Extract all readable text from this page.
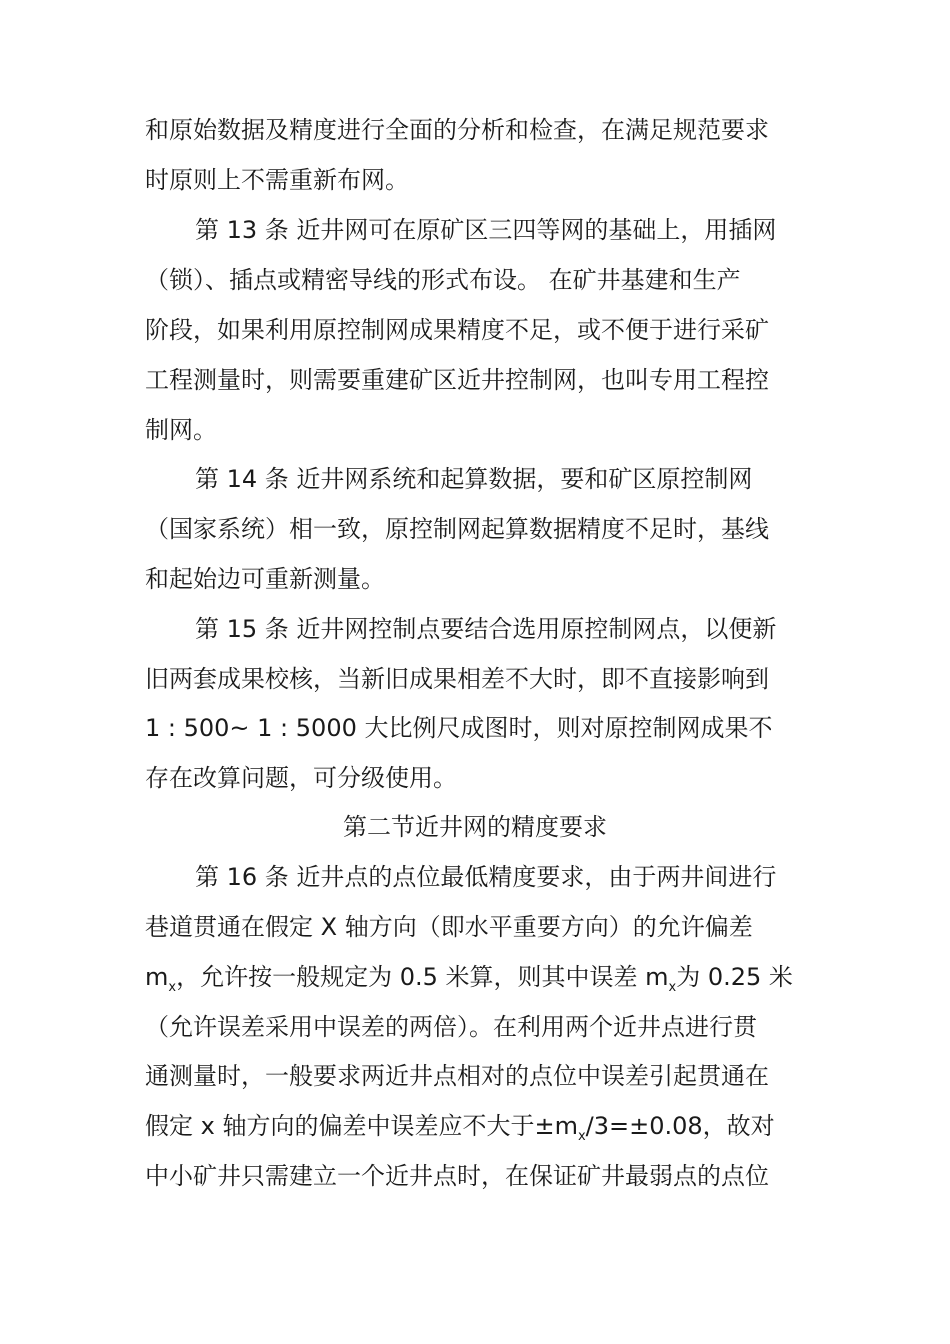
和原始数据及精度进行全面的分析和检查，在满足规范要求
时原则上不需重新布网。
第 13 条 近井网可在原矿区三四等网的基础上，用插网
（锁）、插点或精密导线的形式布设。 在矿井基建和生产
阶段，如果利用原控制网成果精度不足，或不便于进行采矿
工程测量时，则需要重建矿区近井控制网，也叫专用工程控
制网。
第 14 条 近井网系统和起算数据，要和矿区原控制网
（国家系统）相一致，原控制网起算数据精度不足时，基线
和起始边可重新测量。
第 15 条 近井网控制点要结合选用原控制网点，以便新
旧两套成果校核，当新旧成果相差不大时，即不直接影响到
1 : 500~ 1 : 5000 大比例尺成图时，则对原控制网成果不
存在改算问题，可分级使用。
第二节近井网的精度要求
第 16 条 近井点的点位最低精度要求，由于两井间进行
巷道贯通在假定 X 轴方向（即水平重要方向）的允许偏差
$m_x$，允许按一般规定为 0.5 米算，则其中误差 $m_x$为 0.25 米
（允许误差采用中误差的两倍）。在利用两个近井点进行贯
通测量时，一般要求两近井点相对的点位中误差引起贯通在
假定 x 轴方向的偏差中误差应不大于$\pm m_x/3=\pm 0.08$，故对
中小矿井只需建立一个近井点时，在保证矿井最弱点的点位
